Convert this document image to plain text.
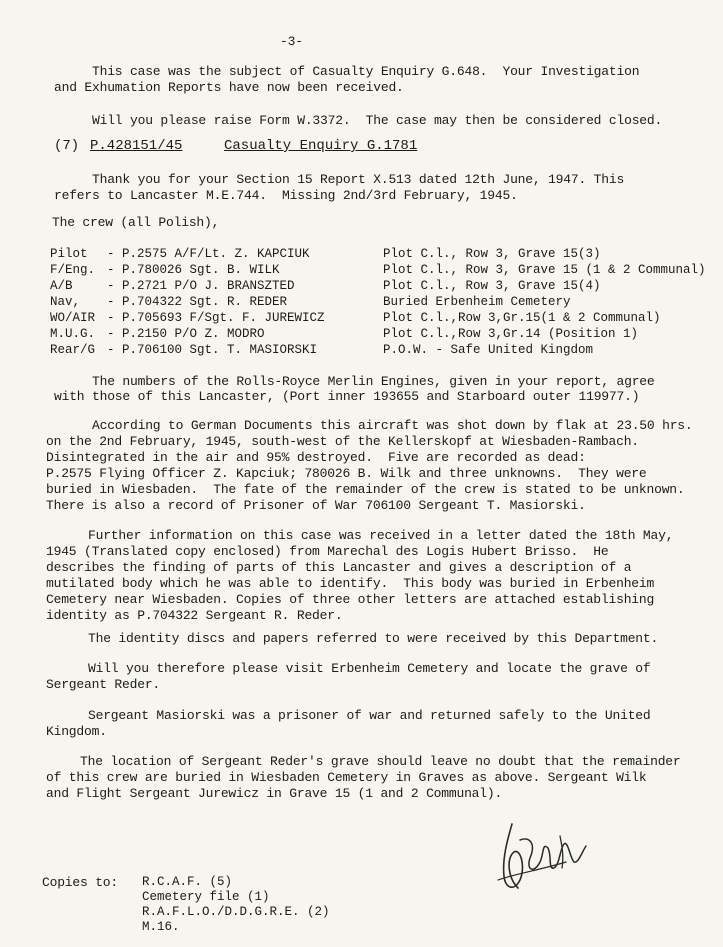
-3-
This case was the subject of Casualty Enquiry G.648.  Your Investigation
and Exhumation Reports have now been received.
Will you please raise Form W.3372.  The case may then be considered closed.
(7) P.428151/45	Casualty Enquiry G.1781
Thank you for your Section 15 Report X.513 dated 12th June, 1947. This
refers to Lancaster M.E.744.  Missing 2nd/3rd February, 1945.
The crew (all Polish),
Pilot - P.2575 A/F/Lt. Z. KAPCIUK	Plot C.l., Row 3, Grave 15(3)
F/Eng. - P.780026 Sgt. B. WILK	Plot C.l., Row 3, Grave 15 (1 & 2 Communal)
A/B	- P.2721 P/O J. BRANSZTED	Plot C.l., Row 3, Grave 15(4)
Nav, - P.704322 Sgt. R. REDER	Buried Erbenheim Cemetery
WO/AIR - P.705693 F/Sgt. F. JUREWICZ	Plot C.l.,Row 3,Gr.15(1 & 2 Communal)
M.U.G. - P.2150 P/O Z. MODRO	Plot C.l.,Row 3,Gr.14 (Position 1)
Rear/G - P.706100 Sgt. T. MASIORSKI	P.O.W. - Safe United Kingdom
The numbers of the Rolls-Royce Merlin Engines, given in your report, agree
with those of this Lancaster, (Port inner 193655 and Starboard outer 119977.)
According to German Documents this aircraft was shot down by flak at 23.50 hrs.
on the 2nd February, 1945, south-west of the Kellerskopf at Wiesbaden-Rambach.
Disintegrated in the air and 95% destroyed.  Five are recorded as dead:
P.2575 Flying Officer Z. Kapciuk; 780026 B. Wilk and three unknowns.  They were
buried in Wiesbaden.  The fate of the remainder of the crew is stated to be unknown.
There is also a record of Prisoner of War 706100 Sergeant T. Masiorski.
Further information on this case was received in a letter dated the 18th May,
1945 (Translated copy enclosed) from Marechal des Logis Hubert Brisso.  He
describes the finding of parts of this Lancaster and gives a description of a
mutilated body which he was able to identify.  This body was buried in Erbenheim
Cemetery near Wiesbaden. Copies of three other letters are attached establishing
identity as P.704322 Sergeant R. Reder.
The identity discs and papers referred to were received by this Department.
Will you therefore please visit Erbenheim Cemetery and locate the grave of
Sergeant Reder.
Sergeant Masiorski was a prisoner of war and returned safely to the United
Kingdom.
The location of Sergeant Reder's grave should leave no doubt that the remainder
of this crew are buried in Wiesbaden Cemetery in Graves as above. Sergeant Wilk
and Flight Sergeant Jurewicz in Grave 15 (1 and 2 Communal).
Copies to: R.C.A.F. (5)
Cemetery file (1)
R.A.F.L.O./D.D.G.R.E. (2)
M.16.
